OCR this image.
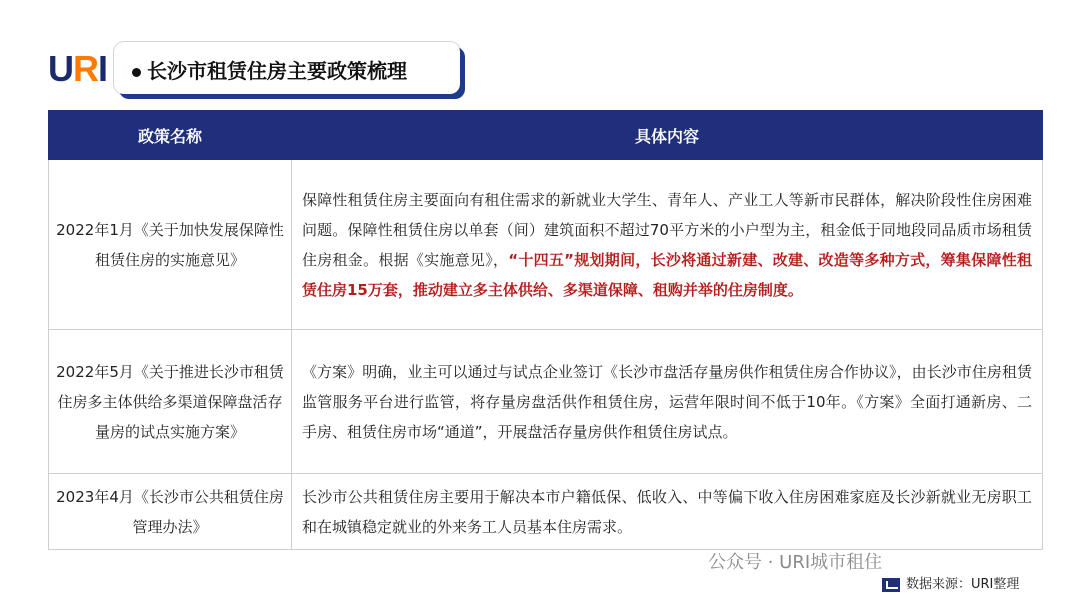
URI	长沙市租赁住房主要政策梳理
政策名称	具体内容
2022年1月《关于加快发展保障性租赁住房的实施意见》	保障性租赁住房主要面向有租住需求的新就业大学生、青年人、产业工人等新市民群体，解决阶段性住房困难问题。保障性租赁住房以单套（间）建筑面积不超过70平方米的小户型为主，租金低于同地段同品质市场租赁住房租金。根据《实施意见》，“十四五”规划期间，长沙将通过新建、改建、改造等多种方式，筹集保障性租赁住房15万套，推动建立多主体供给、多渠道保障、租购并举的住房制度。
2022年5月《关于推进长沙市租赁住房多主体供给多渠道保障盘活存量房的试点实施方案》	《方案》明确，业主可以通过与试点企业签订《长沙市盘活存量房供作租赁住房合作协议》，由长沙市住房租赁监管服务平台进行监管，将存量房盘活供作租赁住房，运营年限时间不低于10年。《方案》全面打通新房、二手房、租赁住房市场“通道”，开展盘活存量房供作租赁住房试点。
2023年4月《长沙市公共租赁住房管理办法》	长沙市公共租赁住房主要用于解决本市户籍低保、低收入、中等偏下收入住房困难家庭及长沙新就业无房职工和在城镇稳定就业的外来务工人员基本住房需求。
公众号 · URI城市租住
数据来源：URI整理
